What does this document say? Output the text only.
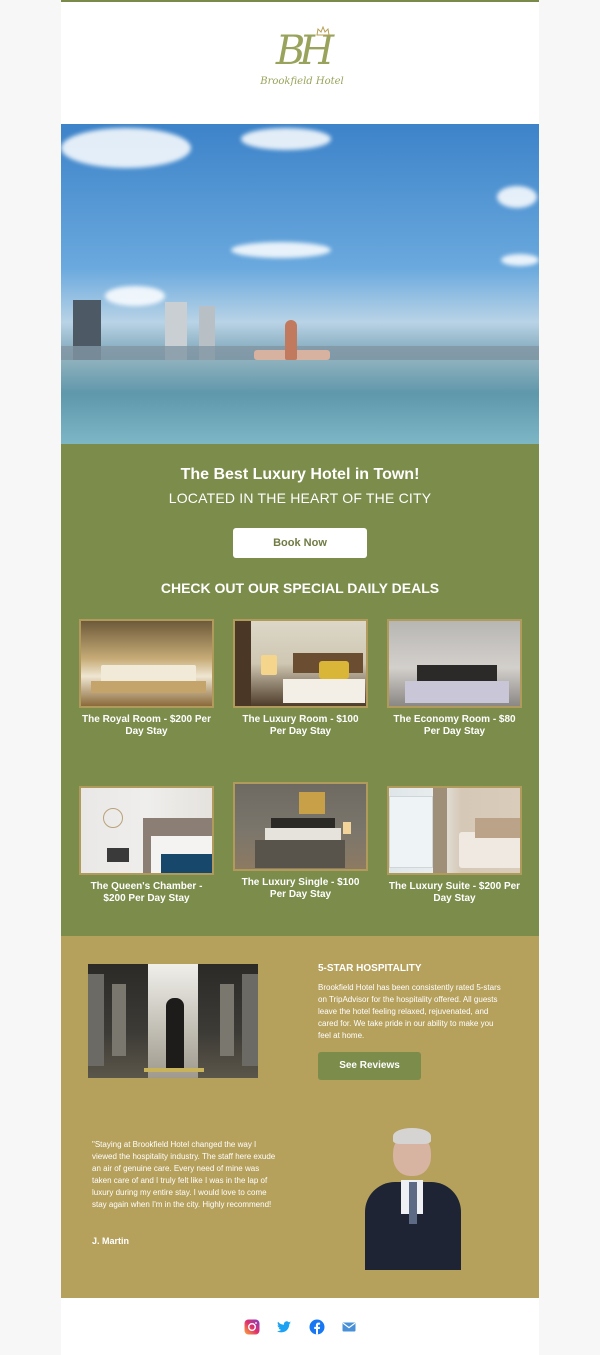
BH
Brookfield Hotel
The Best Luxury Hotel in Town!
LOCATED IN THE HEART OF THE CITY
Book Now
CHECK OUT OUR SPECIAL DAILY DEALS
The Royal Room - $200 Per Day Stay
The Luxury Room - $100 Per Day Stay
The Economy Room - $80 Per Day Stay
The Queen's Chamber - $200 Per Day Stay
The Luxury Single - $100 Per Day Stay
The Luxury Suite - $200 Per Day Stay
5-STAR HOSPITALITY
Brookfield Hotel has been consistently rated 5-stars on TripAdvisor for the hospitality offered. All guests leave the hotel feeling relaxed, rejuvenated, and cared for. We take pride in our ability to make you feel at home.
See Reviews
"Staying at Brookfield Hotel changed the way I viewed the hospitality industry. The staff here exude an air of genuine care. Every need of mine was taken care of and I truly felt like I was in the lap of luxury during my entire stay. I would love to come stay again when I'm in the city. Highly recommend!
J. Martin
